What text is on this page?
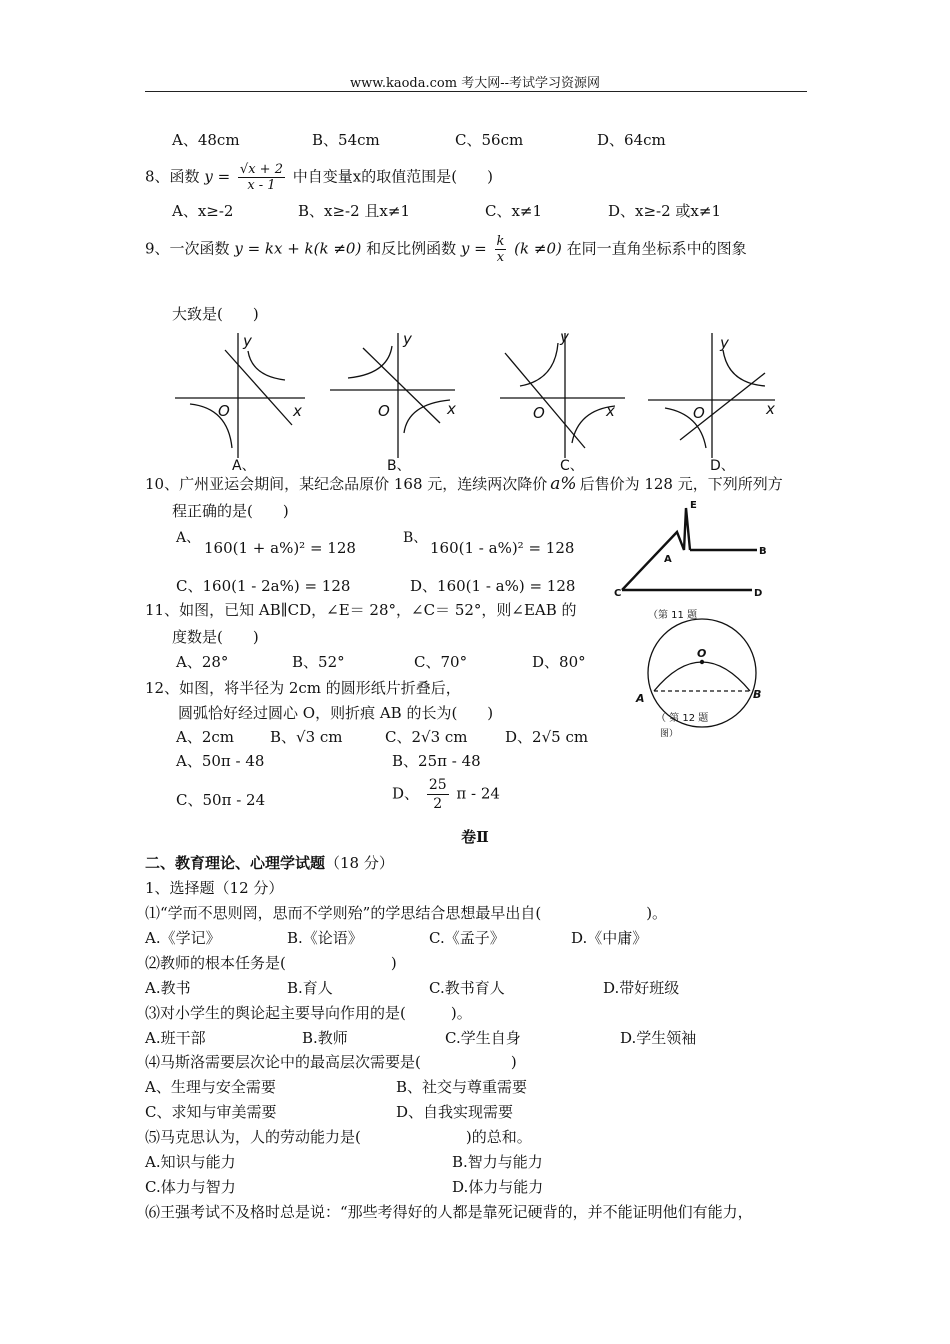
www.kaoda.com 考大网--考试学习资源网
A、48cm	B、54cm	C、56cm	D、64cm
8、函数 $y = \frac{√x + 2}{x - 1}$ 中自变量x的取值范围是(　　)
A、x≥-2	B、x≥-2 且x≠1	C、x≠1	D、x≥-2 或x≠1
9、一次函数 y = kx + k(k ≠0) 和反比例函数 $y = \frac{k}{x} (k \ne 0)$ 在同一直角坐标系中的图象
大致是(　　)
y
x
O
y
x
O
y
x
O
y
x
O
A、	B、	C、	D、
10、广州亚运会期间，某纪念品原价 168 元，连续两次降价 a% 后售价为 128 元，下列所列方
程正确的是(　　)
A、
160(1 + a%)² = 128
B、
160(1 - a%)² = 128
C、160(1 - 2a%) = 128	D、160(1 - a%) = 128
E
A
B
C	D
（第 11 题
11、如图，已知 AB∥CD，∠E＝ 28°，∠C＝ 52°，则∠EAB 的
度数是(　　)
A、28°	B、52°	C、70°	D、80°	O
A	B
（ 第 12 题
图）
12、如图，将半径为 2cm 的圆形纸片折叠后，
圆弧恰好经过圆心 O，则折痕 AB 的长为(　　)
A、2cm B、√3 cm	C、2√3 cm D、2√5 cm
A、50π - 48	B、25π - 48
C、50π - 24	D、 $\frac{25}{2}$ π - 24
卷Ⅱ
二、教育理论、心理学试题（18 分）
1、选择题（12 分）
⑴“学而不思则罔，思而不学则殆”的学思结合思想最早出自(　　　　　　　)。
A.《学记》	B.《论语》	C.《孟子》	D.《中庸》
⑵教师的根本任务是(　　　　　　　)
A.教书	B.育人	C.教书育人	D.带好班级
⑶对小学生的舆论起主要导向作用的是(　　　)。
A.班干部	B.教师	C.学生自身	D.学生领袖
⑷马斯洛需要层次论中的最高层次需要是(　　　　　　)
A、生理与安全需要	B、社交与尊重需要
C、求知与审美需要	D、自我实现需要
⑸马克思认为，人的劳动能力是(　　　　　　　)的总和。
A.知识与能力	B.智力与能力
C.体力与智力	D.体力与能力
⑹王强考试不及格时总是说：“那些考得好的人都是靠死记硬背的，并不能证明他们有能力，
